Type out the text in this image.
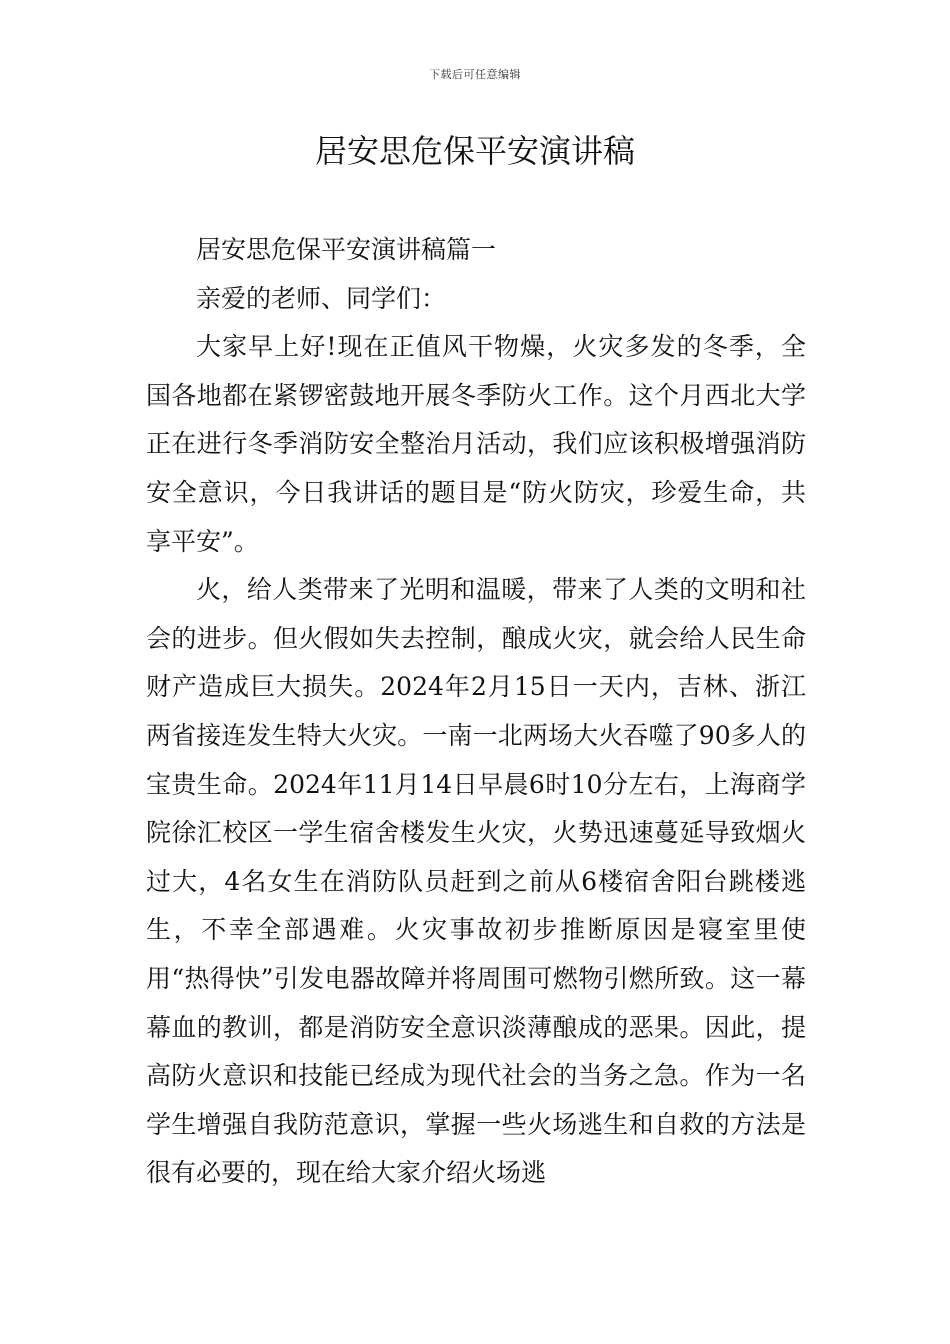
下载后可任意编辑
居安思危保平安演讲稿

居安思危保平安演讲稿篇一

亲爱的老师、同学们：

大家早上好!现在正值风干物燥，火灾多发的冬季，全国各地都在紧锣密鼓地开展冬季防火工作。这个月西北大学正在进行冬季消防安全整治月活动，我们应该积极增强消防安全意识，今日我讲话的题目是“防火防灾，珍爱生命，共享平安”。

火，给人类带来了光明和温暖，带来了人类的文明和社会的进步。但火假如失去控制，酿成火灾，就会给人民生命财产造成巨大损失。2024年2月15日一天内，吉林、浙江两省接连发生特大火灾。一南一北两场大火吞噬了90多人的宝贵生命。2024年11月14日早晨6时10分左右，上海商学院徐汇校区一学生宿舍楼发生火灾，火势迅速蔓延导致烟火过大，4名女生在消防队员赶到之前从6楼宿舍阳台跳楼逃生，不幸全部遇难。火灾事故初步推断原因是寝室里使用“热得快”引发电器故障并将周围可燃物引燃所致。这一幕幕血的教训，都是消防安全意识淡薄酿成的恶果。因此，提高防火意识和技能已经成为现代社会的当务之急。作为一名学生增强自我防范意识，掌握一些火场逃生和自救的方法是很有必要的，现在给大家介绍火场逃
